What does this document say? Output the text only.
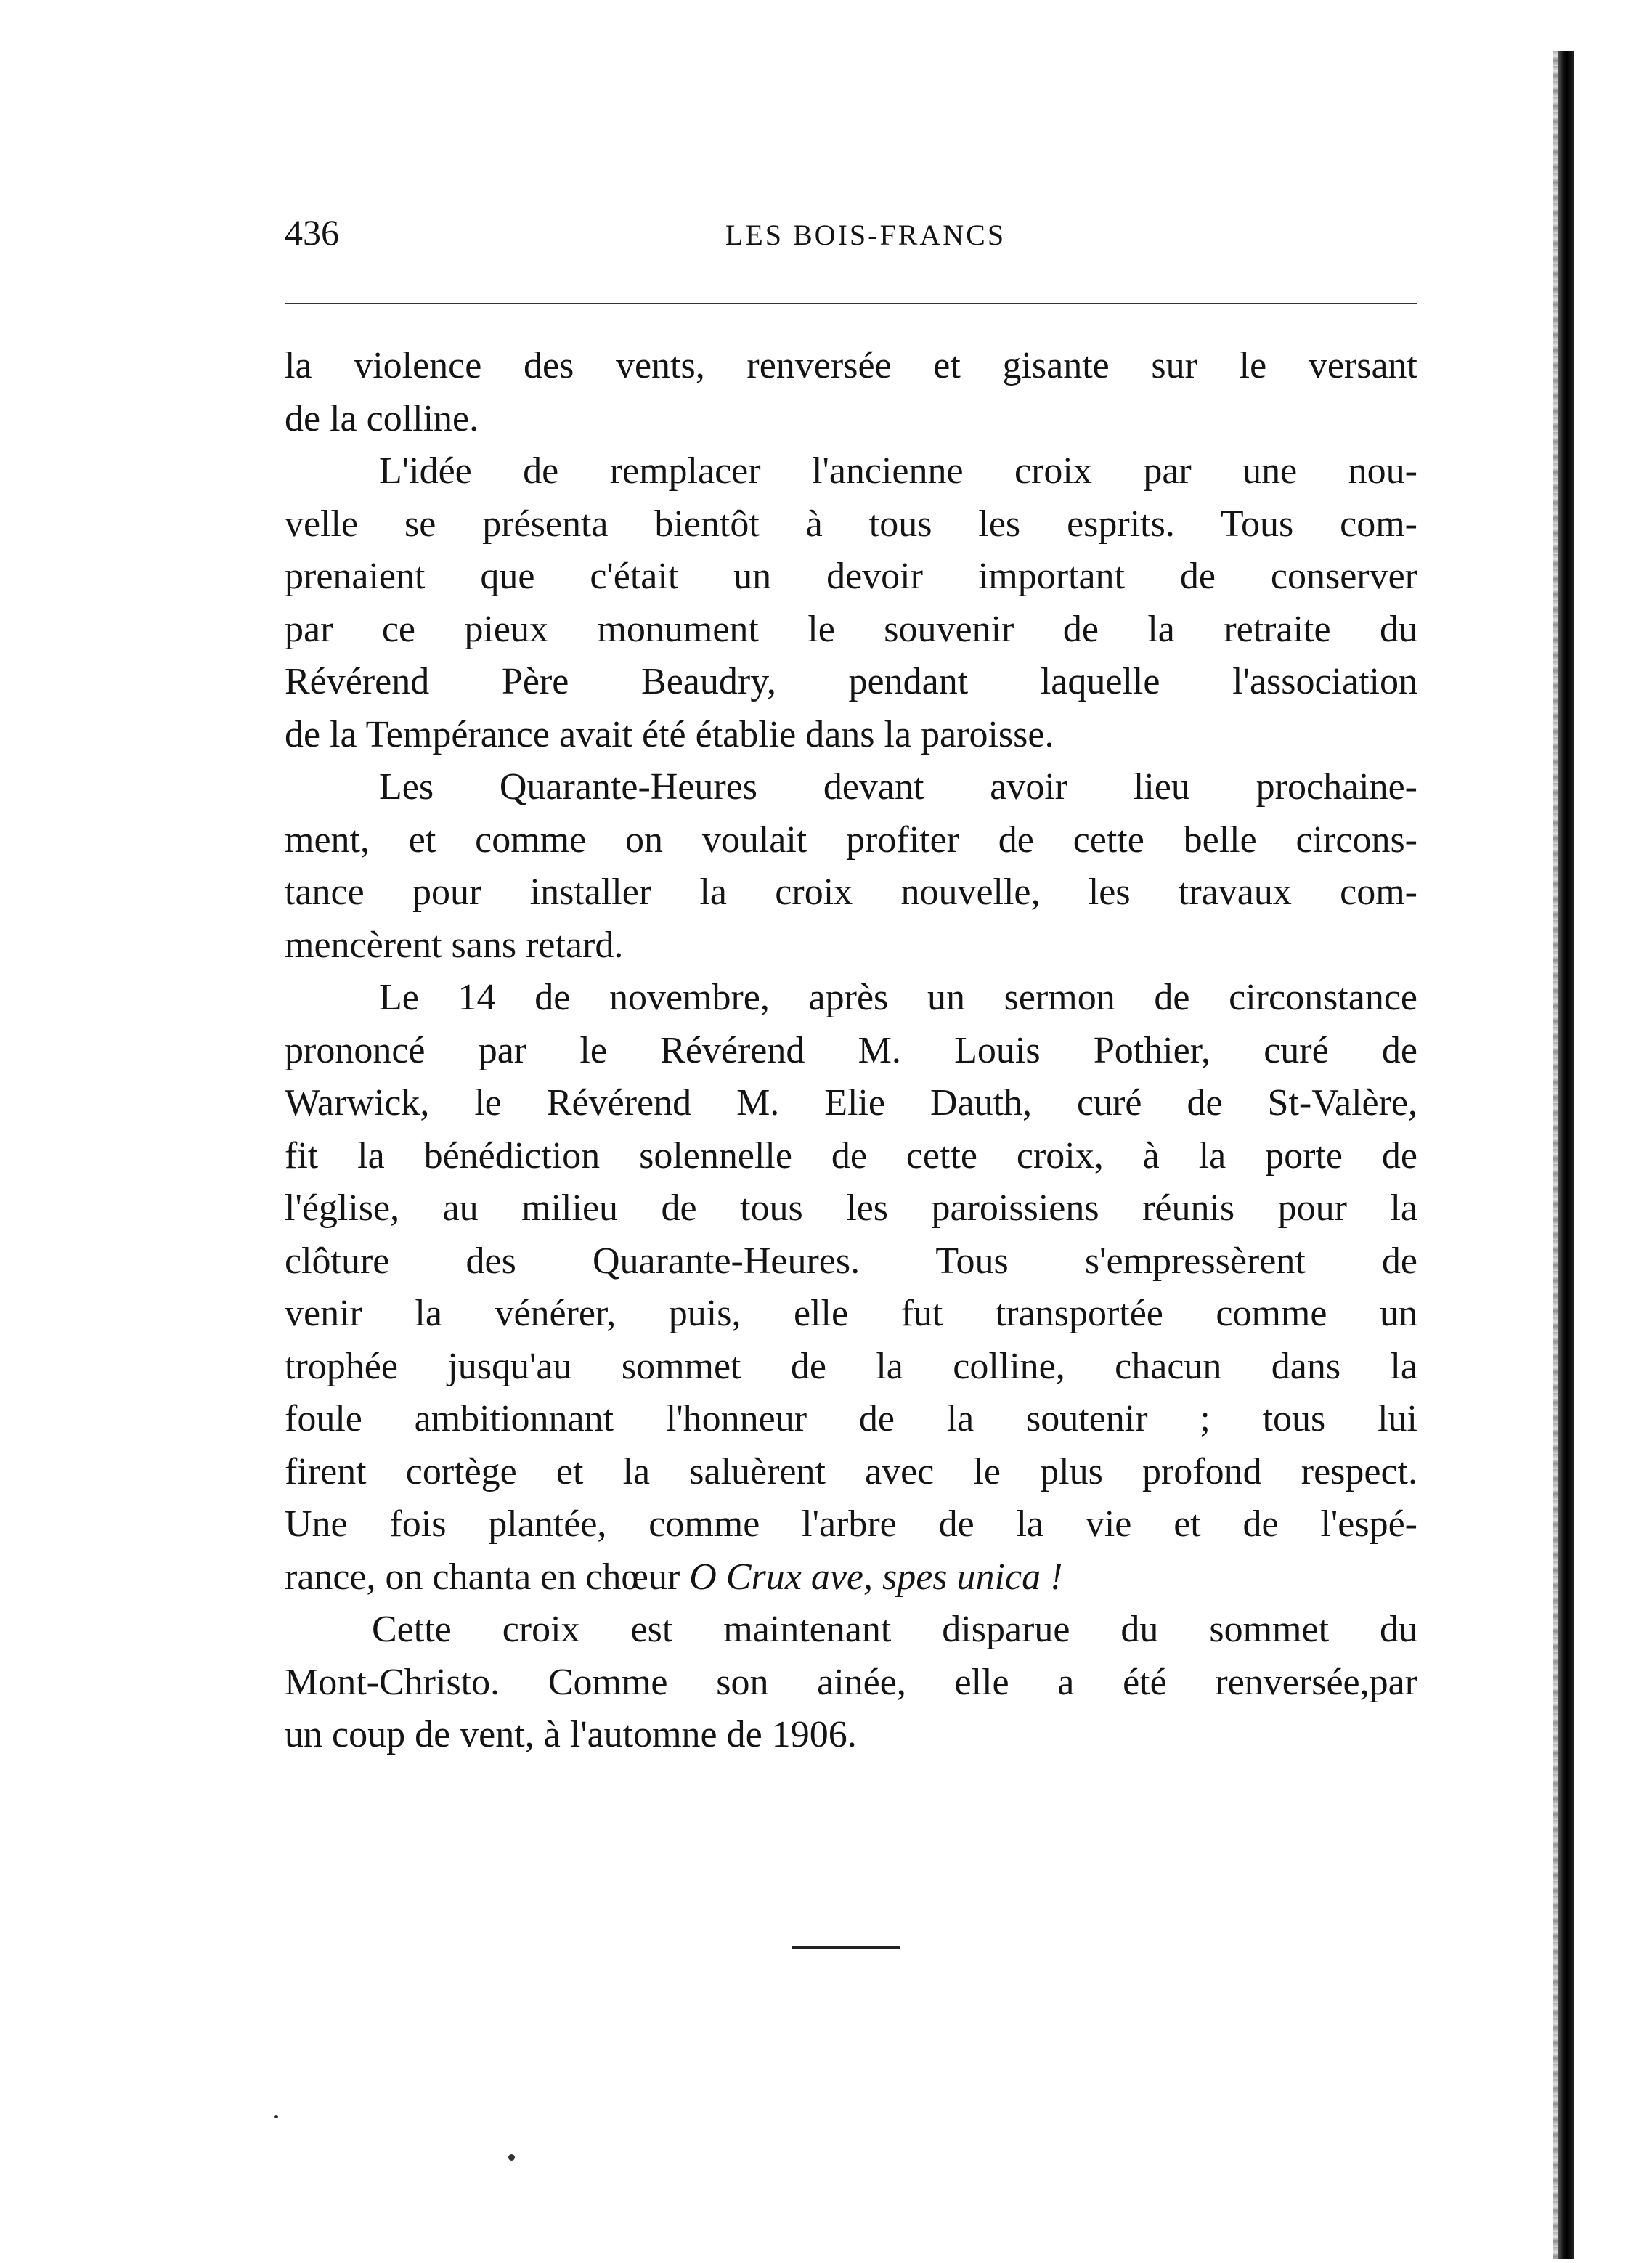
436	LES BOIS-FRANCS
la violence des vents, renversée et gisante sur le versant
de la colline.
L'idée de remplacer l'ancienne croix par une nou-
velle se présenta bientôt à tous les esprits. Tous com-
prenaient que c'était un devoir important de conserver
par ce pieux monument le souvenir de la retraite du
Révérend Père Beaudry, pendant laquelle l'association
de la Tempérance avait été établie dans la paroisse.
Les Quarante-Heures devant avoir lieu prochaine-
ment, et comme on voulait profiter de cette belle circons-
tance pour installer la croix nouvelle, les travaux com-
mencèrent sans retard.
Le 14 de novembre, après un sermon de circonstance
prononcé par le Révérend M. Louis Pothier, curé de
Warwick, le Révérend M. Elie Dauth, curé de St-Valère,
fit la bénédiction solennelle de cette croix, à la porte de
l'église, au milieu de tous les paroissiens réunis pour la
clôture des Quarante-Heures. Tous s'empressèrent de
venir la vénérer, puis, elle fut transportée comme un
trophée jusqu'au sommet de la colline, chacun dans la
foule ambitionnant l'honneur de la soutenir ; tous lui
firent cortège et la saluèrent avec le plus profond respect.
Une fois plantée, comme l'arbre de la vie et de l'espé-
rance, on chanta en chœur O Crux ave, spes unica !
Cette croix est maintenant disparue du sommet du
Mont-Christo. Comme son ainée, elle a été renversée,par
un coup de vent, à l'automne de 1906.
